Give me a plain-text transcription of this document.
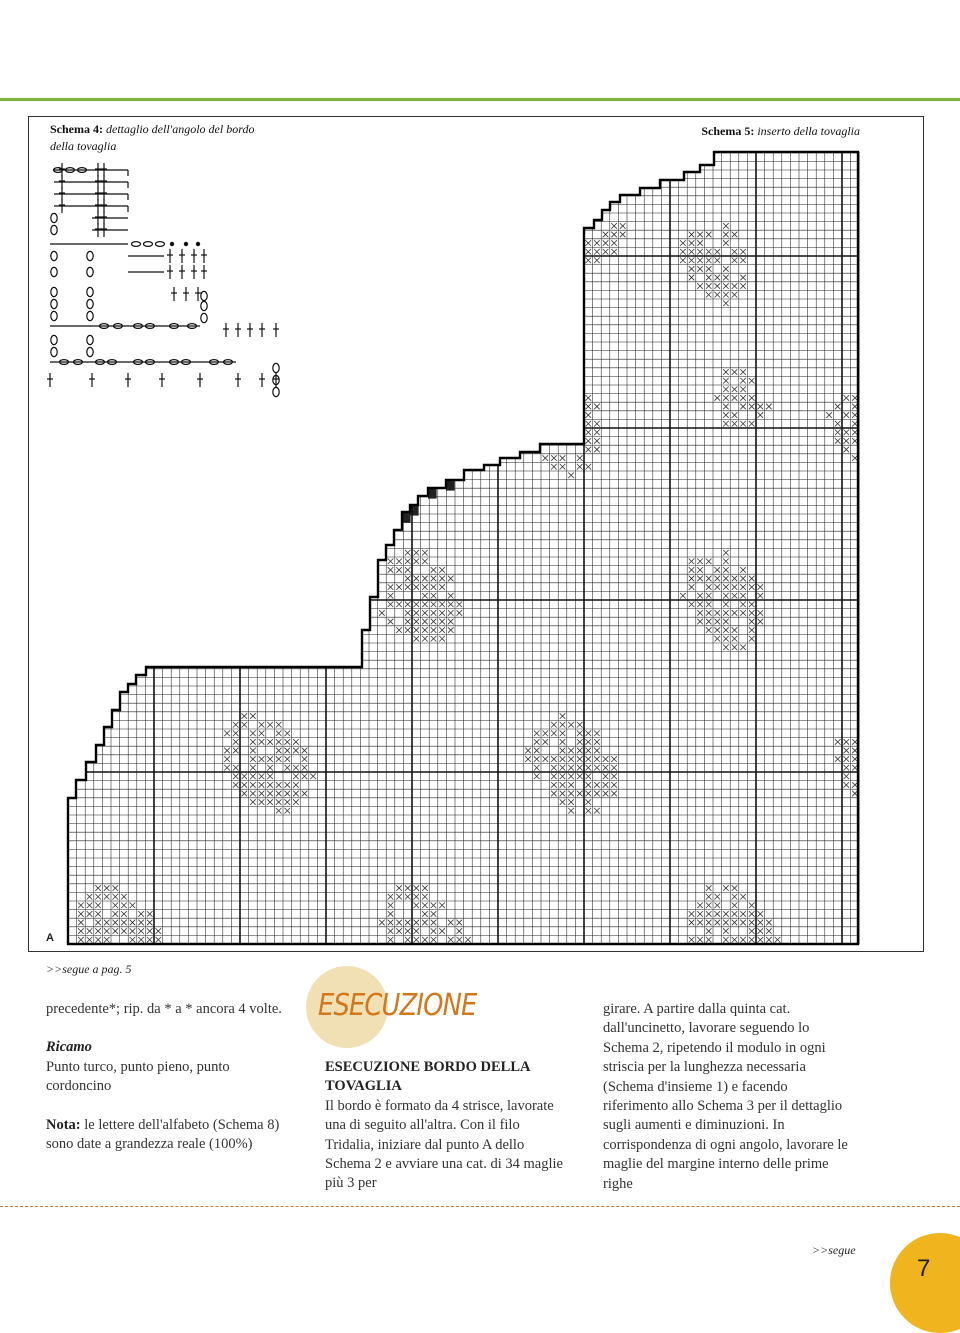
Schema 4: dettaglio dell'angolo del bordo
della tovaglia
Schema 5: inserto della tovaglia
A
>>segue a pag. 5

precedente*; rip. da * a * ancora 4 volte.

Ricamo
Punto turco, punto pieno, punto cordoncino

Nota: le lettere dell'alfabeto (Schema 8) sono date a grandezza reale (100%)

ESECUZIONE
ESECUZIONE BORDO DELLA TOVAGLIA
Il bordo è formato da 4 strisce, lavorate una di seguito all'altra. Con il filo Tridalia, iniziare dal punto A dello Schema 2 e avviare una cat. di 34 maglie più 3 per
girare. A partire dalla quinta cat. dall'uncinetto, lavorare seguendo lo Schema 2, ripetendo il modulo in ogni striscia per la lunghezza necessaria (Schema d'insieme 1) e facendo riferimento allo Schema 3 per il dettaglio sugli aumenti e diminuzioni. In corrispondenza di ogni angolo, lavorare le maglie del margine interno delle prime righe
>>segue
7
